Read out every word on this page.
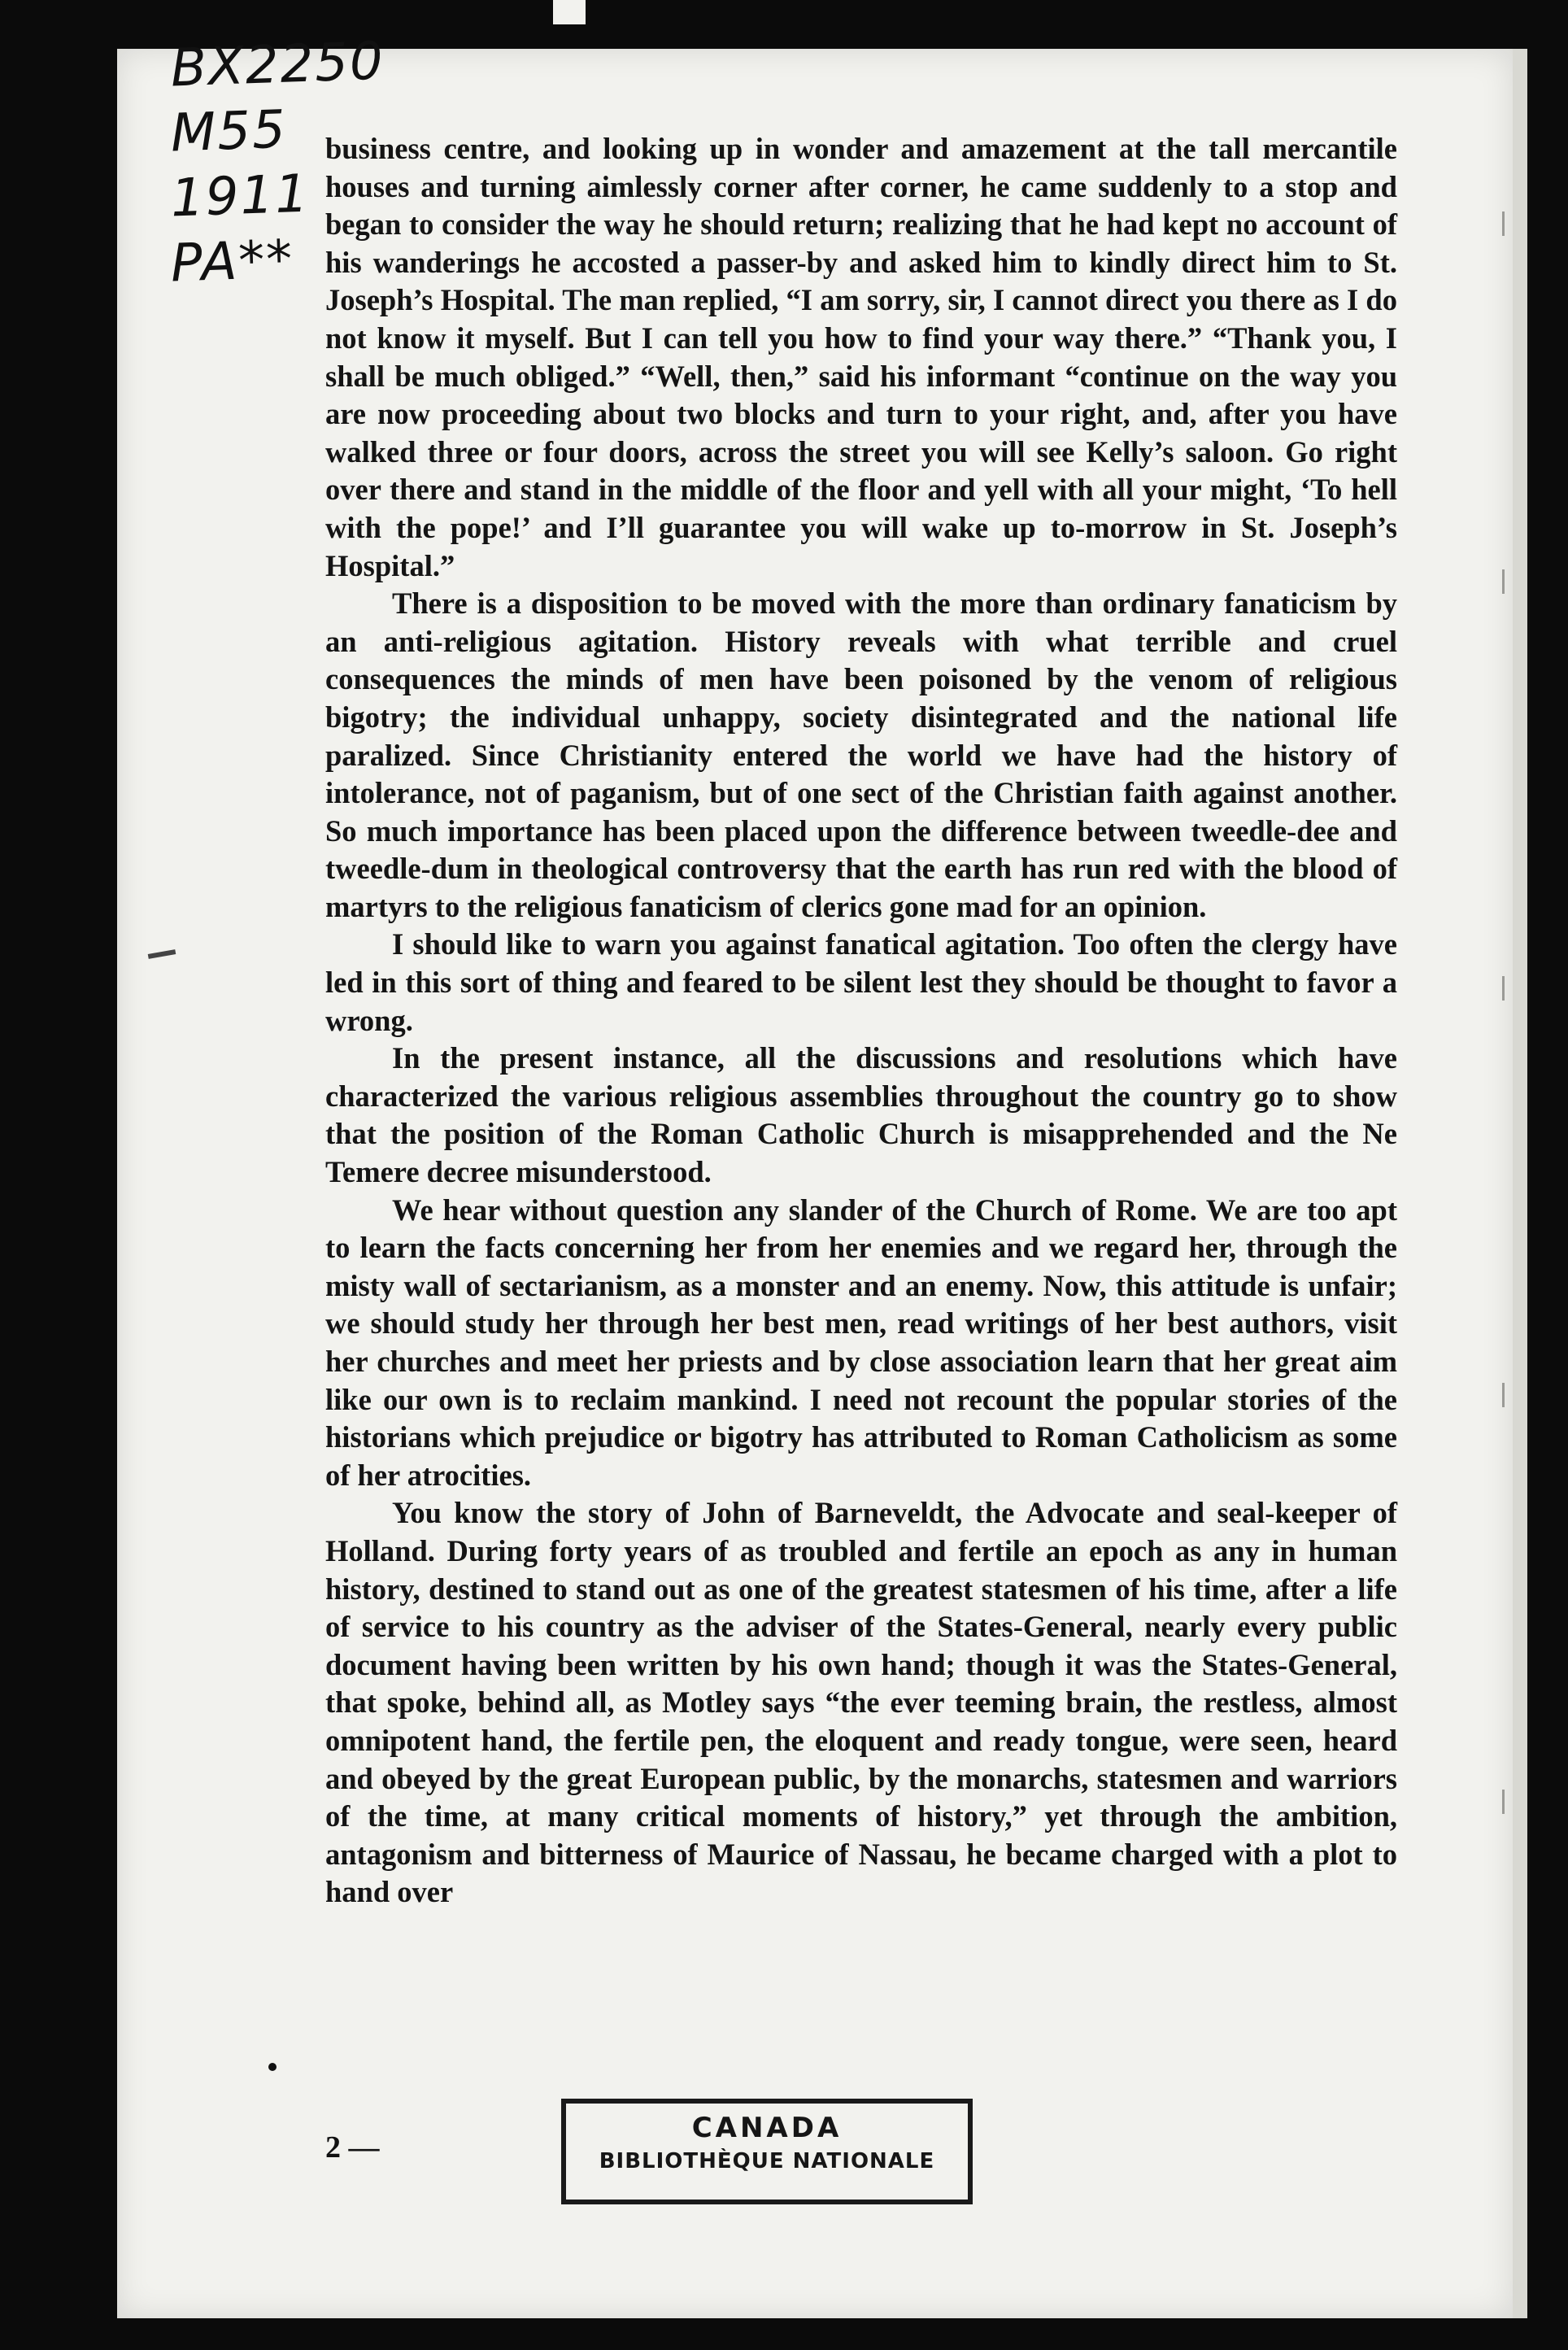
BX2250
M55
1911
PA**

business centre, and looking up in wonder and amazement at the tall mercantile houses and turning aimlessly corner after corner, he came suddenly to a stop and began to consider the way he should return; realizing that he had kept no account of his wanderings he accosted a passer-by and asked him to kindly direct him to St. Joseph’s Hospital. The man replied, “I am sorry, sir, I cannot direct you there as I do not know it myself. But I can tell you how to find your way there.” “Thank you, I shall be much obliged.” “Well, then,” said his informant “continue on the way you are now proceeding about two blocks and turn to your right, and, after you have walked three or four doors, across the street you will see Kelly’s saloon. Go right over there and stand in the middle of the floor and yell with all your might, ‘To hell with the pope!’ and I’ll guarantee you will wake up to-morrow in St. Joseph’s Hospital.”

There is a disposition to be moved with the more than ordinary fanaticism by an anti-religious agitation. History reveals with what terrible and cruel consequences the minds of men have been poisoned by the venom of religious bigotry; the individual unhappy, society disintegrated and the national life paralized. Since Christianity entered the world we have had the history of intolerance, not of paganism, but of one sect of the Christian faith against another. So much importance has been placed upon the difference between tweedle-dee and tweedle-dum in theological controversy that the earth has run red with the blood of martyrs to the religious fanaticism of clerics gone mad for an opinion.

I should like to warn you against fanatical agitation. Too often the clergy have led in this sort of thing and feared to be silent lest they should be thought to favor a wrong.

In the present instance, all the discussions and resolutions which have characterized the various religious assemblies throughout the country go to show that the position of the Roman Catholic Church is misapprehended and the Ne Temere decree misunderstood.

We hear without question any slander of the Church of Rome. We are too apt to learn the facts concerning her from her enemies and we regard her, through the misty wall of sectarianism, as a monster and an enemy. Now, this attitude is unfair; we should study her through her best men, read writings of her best authors, visit her churches and meet her priests and by close association learn that her great aim like our own is to reclaim mankind. I need not recount the popular stories of the historians which prejudice or bigotry has attributed to Roman Catholicism as some of her atrocities.

You know the story of John of Barneveldt, the Advocate and seal-keeper of Holland. During forty years of as troubled and fertile an epoch as any in human history, destined to stand out as one of the greatest statesmen of his time, after a life of service to his country as the adviser of the States-General, nearly every public document having been written by his own hand; though it was the States-General, that spoke, behind all, as Motley says “the ever teeming brain, the restless, almost omnipotent hand, the fertile pen, the eloquent and ready tongue, were seen, heard and obeyed by the great European public, by the monarchs, statesmen and warriors of the time, at many critical moments of history,” yet through the ambition, antagonism and bitterness of Maurice of Nassau, he became charged with a plot to hand over

2 —
CANADA
BIBLIOTHÈQUE NATIONALE
